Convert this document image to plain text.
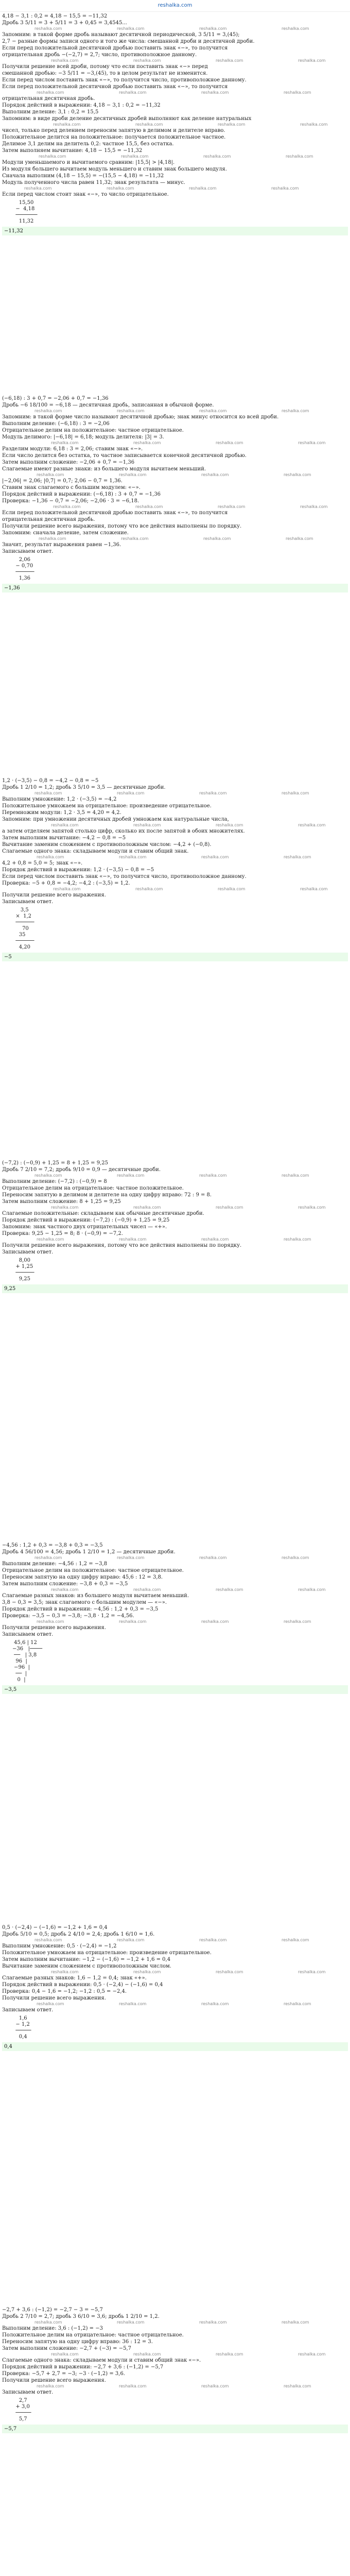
reshalka.com
4,18 − 3,1 : 0,2 = 4,18 − 15,5 = −11,32
Дробь 3 5/11 = 3 + 5/11 = 3 + 0,45 = 3,4545...
reshalka.com	reshalka.com	reshalka.com	reshalka.com
Запомним: в такой форме дробь называют десятичной периодической, 3 5/11 = 3,(45);
2,7 − разные формы записи одного и того же числа: смешанной дроби и десятичной дроби.
Если перед положительной десятичной дробью поставить знак «−», то получится
отрицательная дробь −(−2,7) = 2,7; число, противоположное данному.
reshalka.com	reshalka.com	reshalka.com	reshalka.com
Получили решение всей дроби, потому что если поставить знак «−» перед
смешанной дробью: −3 5/11 = −3,(45), то в целом результат не изменится.
Если перед числом поставить знак «−», то получится число, противоположное данному.
Если перед положительной десятичной дробью поставить знак «−», то получится
reshalka.com	reshalka.com	reshalka.com	reshalka.com
отрицательная десятичная дробь.
Порядок действий в выражении: 4,18 − 3,1 : 0,2 = −11,32
Выполним деление: 3,1 : 0,2 = 15,5
Запомним: в виде дроби деление десятичных дробей выполняют как деление натуральных
reshalka.com	reshalka.com	reshalka.com	reshalka.com
чисел, только перед делением переносим запятую в делимом и делителе вправо.
Положительное делится на положительное: получается положительное частное.
Делимое 3,1 делим на делитель 0,2: частное 15,5, без остатка.
Затем выполняем вычитание: 4,18 − 15,5 = −11,32
reshalka.com	reshalka.com	reshalka.com	reshalka.com
Модули уменьшаемого и вычитаемого сравним: |15,5| > |4,18|.
Из модуля большего вычитаем модуль меньшего и ставим знак большего модуля.
Сначала выполним (4,18 − 15,5) = −(15,5 − 4,18) = −11,32
Модуль полученного числа равен 11,32; знак результата — минус.
reshalka.com	reshalka.com	reshalka.com	reshalka.com
Если перед числом стоит знак «−», то число отрицательное.
15,50
−  4,18
───────
11,32
−11,32
(−6,18) : 3 + 0,7 = −2,06 + 0,7 = −1,36
Дробь −6 18/100 = −6,18 — десятичная дробь, записанная в обычной форме.
reshalka.com	reshalka.com	reshalka.com	reshalka.com
Запомним: в такой форме число называют десятичной дробью; знак минус относится ко всей дроби.
Выполним деление: (−6,18) : 3 = −2,06
Отрицательное делим на положительное: частное отрицательное.
Модуль делимого: |−6,18| = 6,18; модуль делителя: |3| = 3.
reshalka.com	reshalka.com	reshalka.com	reshalka.com
Разделим модули: 6,18 : 3 = 2,06; ставим знак «−».
Если число делится без остатка, то частное записывается конечной десятичной дробью.
Затем выполним сложение: −2,06 + 0,7 = −1,36
Слагаемые имеют разные знаки: из большего модуля вычитаем меньший.
reshalka.com	reshalka.com	reshalka.com	reshalka.com
|−2,06| = 2,06; |0,7| = 0,7; 2,06 − 0,7 = 1,36.
Ставим знак слагаемого с большим модулем: «−».
Порядок действий в выражении: (−6,18) : 3 + 0,7 = −1,36
Проверка: −1,36 − 0,7 = −2,06; −2,06 · 3 = −6,18.
reshalka.com	reshalka.com	reshalka.com	reshalka.com
Если перед положительной десятичной дробью поставить знак «−», то получится
отрицательная десятичная дробь.
Получили решение всего выражения, потому что все действия выполнены по порядку.
Запомним: сначала деление, затем сложение.
reshalka.com	reshalka.com	reshalka.com	reshalka.com
Значит, результат выражения равен −1,36.
Записываем ответ.
2,06
− 0,70
──────
1,36
−1,36
1,2 · (−3,5) − 0,8 = −4,2 − 0,8 = −5
Дробь 1 2/10 = 1,2; дробь 3 5/10 = 3,5 — десятичные дроби.
reshalka.com	reshalka.com	reshalka.com	reshalka.com
Выполним умножение: 1,2 · (−3,5) = −4,2
Положительное умножаем на отрицательное: произведение отрицательное.
Перемножим модули: 1,2 · 3,5 = 4,20 = 4,2.
Запомним: при умножении десятичных дробей умножаем как натуральные числа,
reshalka.com	reshalka.com	reshalka.com	reshalka.com
а затем отделяем запятой столько цифр, сколько их после запятой в обоих множителях.
Затем выполним вычитание: −4,2 − 0,8 = −5
Вычитание заменим сложением с противоположным числом: −4,2 + (−0,8).
Слагаемые одного знака: складываем модули и ставим общий знак.
reshalka.com	reshalka.com	reshalka.com	reshalka.com
4,2 + 0,8 = 5,0 = 5; знак «−».
Порядок действий в выражении: 1,2 · (−3,5) − 0,8 = −5
Если перед числом поставить знак «−», то получится число, противоположное данному.
Проверка: −5 + 0,8 = −4,2; −4,2 : (−3,5) = 1,2.
reshalka.com	reshalka.com	reshalka.com	reshalka.com
Получили решение всего выражения.
Записываем ответ.
3,5
×  1,2
──────
70
35
──────
4,20
−5
(−7,2) : (−0,9) + 1,25 = 8 + 1,25 = 9,25
Дробь 7 2/10 = 7,2; дробь 9/10 = 0,9 — десятичные дроби.
reshalka.com	reshalka.com	reshalka.com	reshalka.com
Выполним деление: (−7,2) : (−0,9) = 8
Отрицательное делим на отрицательное: частное положительное.
Переносим запятую в делимом и делителе на одну цифру вправо: 72 : 9 = 8.
Затем выполним сложение: 8 + 1,25 = 9,25
reshalka.com	reshalka.com	reshalka.com	reshalka.com
Слагаемые положительные: складываем как обычные десятичные дроби.
Порядок действий в выражении: (−7,2) : (−0,9) + 1,25 = 9,25
Запомним: знак частного двух отрицательных чисел — «+».
Проверка: 9,25 − 1,25 = 8; 8 · (−0,9) = −7,2.
reshalka.com	reshalka.com	reshalka.com	reshalka.com
Получили решение всего выражения, потому что все действия выполнены по порядку.
Записываем ответ.
8,00
+ 1,25
──────
9,25
9,25
−4,56 : 1,2 + 0,3 = −3,8 + 0,3 = −3,5
Дробь 4 56/100 = 4,56; дробь 1 2/10 = 1,2 — десятичные дроби.
reshalka.com	reshalka.com	reshalka.com	reshalka.com
Выполним деление: −4,56 : 1,2 = −3,8
Отрицательное делим на положительное: частное отрицательное.
Переносим запятую на одну цифру вправо: 45,6 : 12 = 3,8.
Затем выполним сложение: −3,8 + 0,3 = −3,5
reshalka.com	reshalka.com	reshalka.com	reshalka.com
Слагаемые разных знаков: из большего модуля вычитаем меньший.
3,8 − 0,3 = 3,5; знак слагаемого с большим модулем — «−».
Порядок действий в выражении: −4,56 : 1,2 + 0,3 = −3,5
Проверка: −3,5 − 0,3 = −3,8; −3,8 · 1,2 = −4,56.
reshalka.com	reshalka.com	reshalka.com	reshalka.com
Получили решение всего выражения.
Записываем ответ.
45,6 | 12
−36   |────
──   | 3,8
96  |
−96  |
──  |
0  |
−3,5
0,5 · (−2,4) − (−1,6) = −1,2 + 1,6 = 0,4
Дробь 5/10 = 0,5; дробь 2 4/10 = 2,4; дробь 1 6/10 = 1,6.
reshalka.com	reshalka.com	reshalka.com	reshalka.com
Выполним умножение: 0,5 · (−2,4) = −1,2
Положительное умножаем на отрицательное: произведение отрицательное.
Затем выполним вычитание: −1,2 − (−1,6) = −1,2 + 1,6 = 0,4
Вычитание заменим сложением с противоположным числом.
reshalka.com	reshalka.com	reshalka.com	reshalka.com
Слагаемые разных знаков: 1,6 − 1,2 = 0,4; знак «+».
Порядок действий в выражении: 0,5 · (−2,4) − (−1,6) = 0,4
Проверка: 0,4 − 1,6 = −1,2; −1,2 : 0,5 = −2,4.
Получили решение всего выражения.
reshalka.com	reshalka.com	reshalka.com	reshalka.com
Записываем ответ.
1,6
− 1,2
─────
0,4
0,4
−2,7 + 3,6 : (−1,2) = −2,7 − 3 = −5,7
Дробь 2 7/10 = 2,7; дробь 3 6/10 = 3,6; дробь 1 2/10 = 1,2.
reshalka.com	reshalka.com	reshalka.com	reshalka.com
Выполним деление: 3,6 : (−1,2) = −3
Положительное делим на отрицательное: частное отрицательное.
Переносим запятую на одну цифру вправо: 36 : 12 = 3.
Затем выполним сложение: −2,7 + (−3) = −5,7
reshalka.com	reshalka.com	reshalka.com	reshalka.com
Слагаемые одного знака: складываем модули и ставим общий знак «−».
Порядок действий в выражении: −2,7 + 3,6 : (−1,2) = −5,7
Проверка: −5,7 + 2,7 = −3; −3 · (−1,2) = 3,6.
Получили решение всего выражения.
reshalka.com	reshalka.com	reshalka.com	reshalka.com
Записываем ответ.
2,7
+ 3,0
─────
5,7
−5,7
